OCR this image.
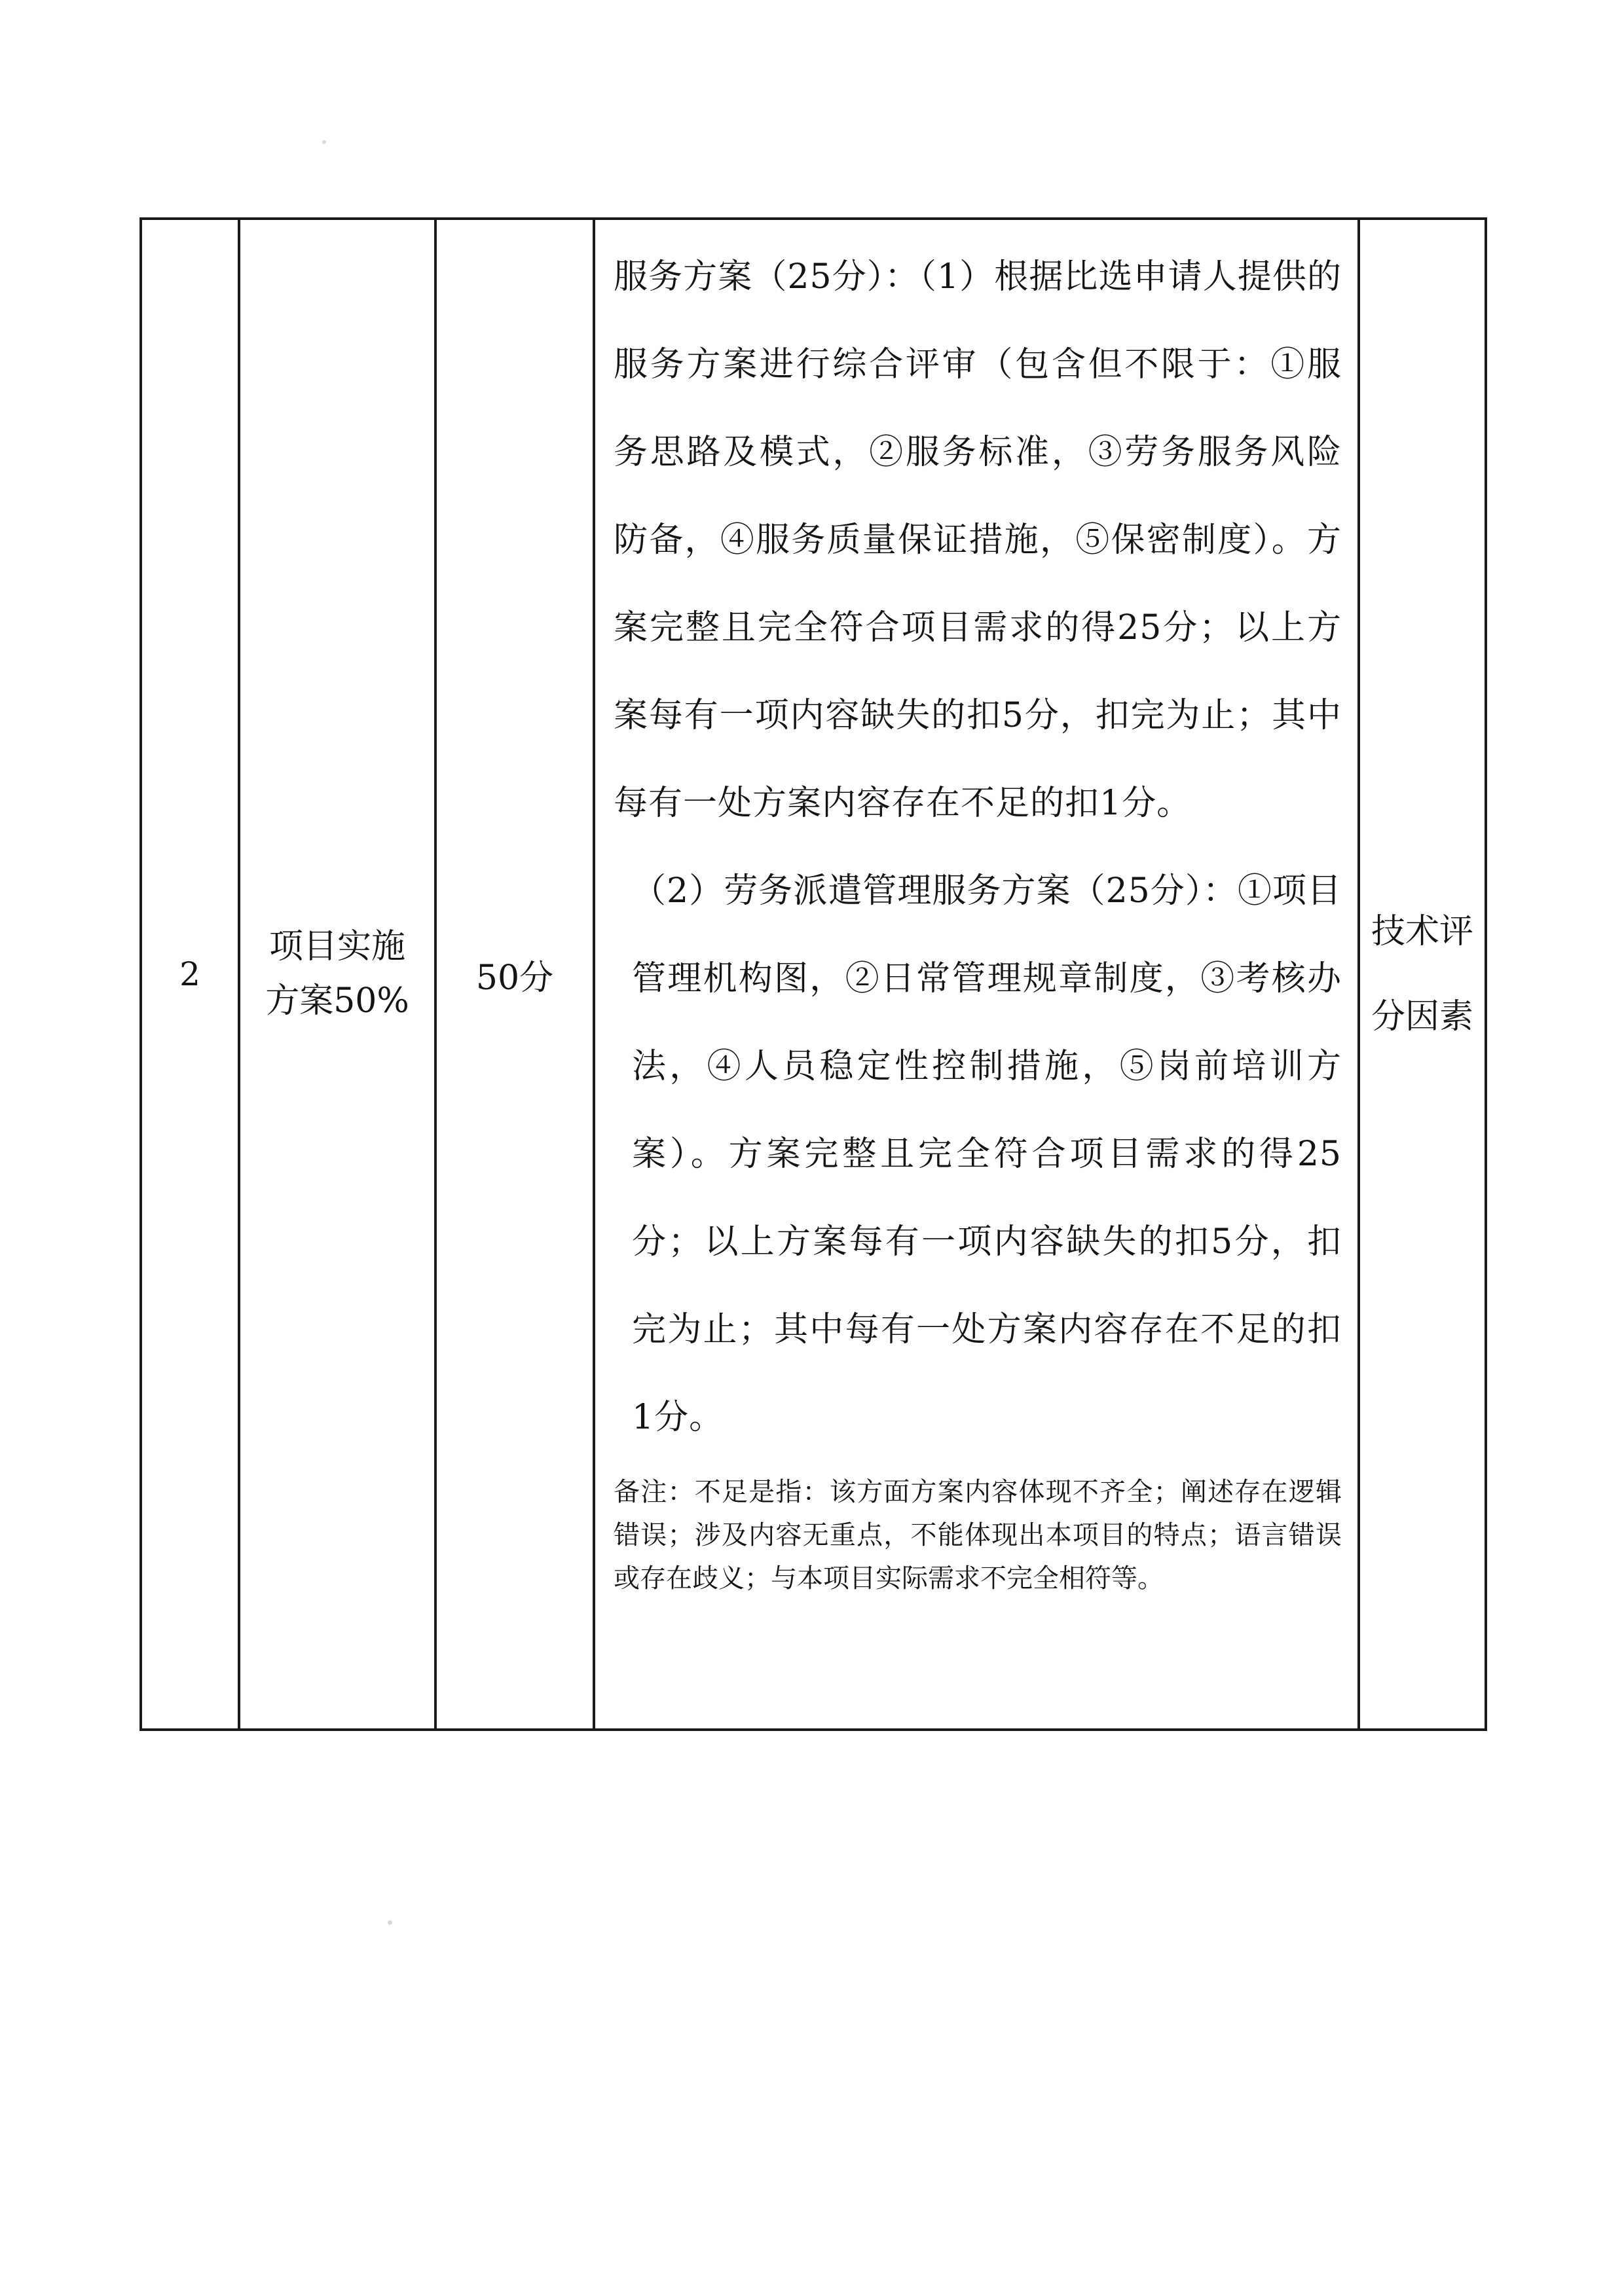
2
项目实施方案50%
50分
服务方案（25分）：（1）根据比选申请人提供的服务方案进行综合评审（包含但不限于：①服务思路及模式，②服务标准，③劳务服务风险防备，④服务质量保证措施，⑤保密制度）。方案完整且完全符合项目需求的得25分；以上方案每有一项内容缺失的扣5分，扣完为止；其中每有一处方案内容存在不足的扣1分。
（2）劳务派遣管理服务方案（25分）：①项目管理机构图，②日常管理规章制度，③考核办法，④人员稳定性控制措施，⑤岗前培训方案）。方案完整且完全符合项目需求的得25分；以上方案每有一项内容缺失的扣5分，扣完为止；其中每有一处方案内容存在不足的扣1分。
备注：不足是指：该方面方案内容体现不齐全；阐述存在逻辑错误；涉及内容无重点，不能体现出本项目的特点；语言错误或存在歧义；与本项目实际需求不完全相符等。
技术评分因素
